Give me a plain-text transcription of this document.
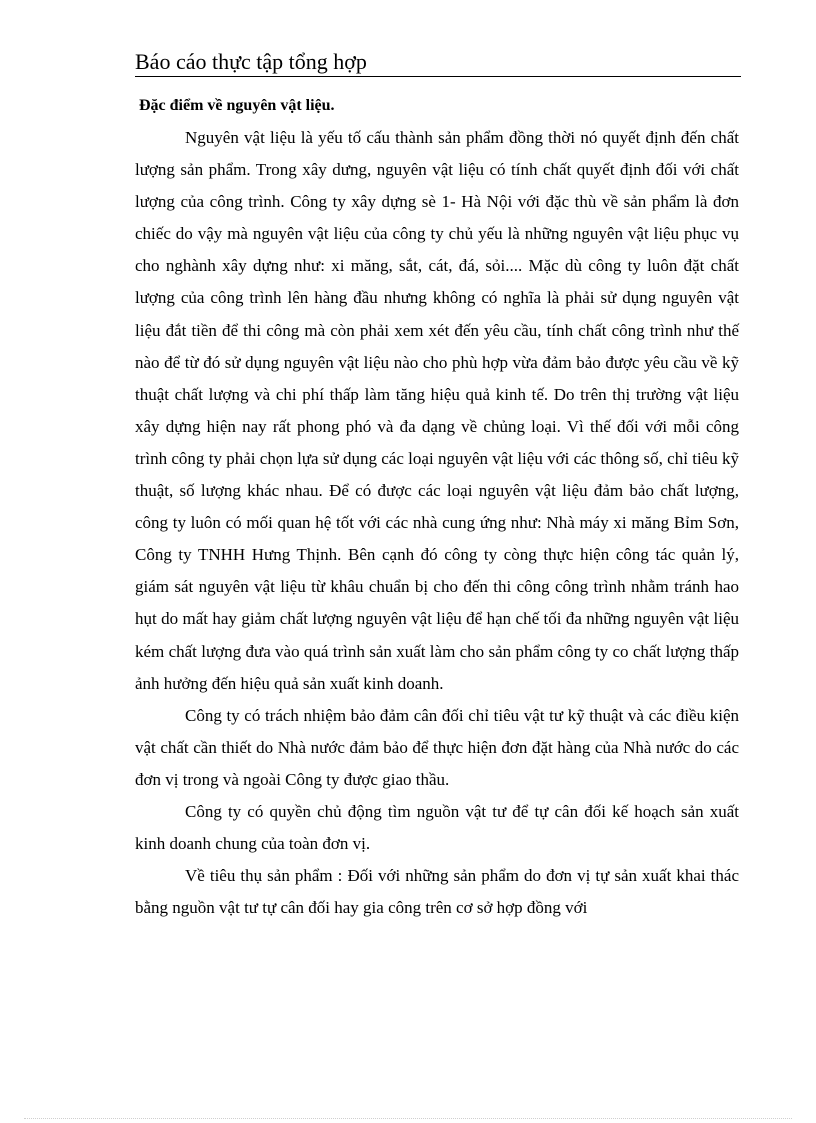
Báo cáo thực tập tổng hợp
Đặc điểm về nguyên vật liệu.

Nguyên vật liệu là yếu tố cấu thành sản phẩm đồng thời nó quyết định đến chất lượng sản phẩm. Trong xây dưng, nguyên vật liệu có tính chất quyết định đối với chất lượng của công trình. Công ty xây dựng sè 1- Hà Nội với đặc thù về sản phẩm là đơn chiếc do vậy mà nguyên vật liệu của công ty chủ yếu là những nguyên vật liệu phục vụ cho nghành xây dựng như: xi măng, sắt, cát, đá, sỏi.... Mặc dù công ty luôn đặt chất lượng của công trình lên hàng đầu nhưng không có nghĩa là phải sử dụng nguyên vật liệu đắt tiền để thi công mà còn phải xem xét đến yêu cầu, tính chất công trình như thế nào để từ đó sử dụng nguyên vật liệu nào cho phù hợp vừa đảm bảo được yêu cầu về kỹ thuật chất lượng và chi phí thấp làm tăng hiệu quả kinh tế. Do trên thị trường vật liệu xây dựng hiện nay rất phong phó và đa dạng về chủng loại. Vì thế đối với mỗi công trình công ty phải chọn lựa sử dụng các loại nguyên vật liệu với các thông số, chỉ tiêu kỹ thuật, số lượng khác nhau. Để có được các loại nguyên vật liệu đảm bảo chất lượng, công ty luôn có mối quan hệ tốt với các nhà cung ứng như: Nhà máy xi măng Bỉm Sơn, Công ty TNHH Hưng Thịnh. Bên cạnh đó công ty còng thực hiện công tác quản lý, giám sát nguyên vật liệu từ khâu chuẩn bị cho đến thi công công trình nhằm tránh hao hụt do mất hay giảm chất lượng nguyên vật liệu để hạn chế tối đa những nguyên vật liệu kém chất lượng đưa vào quá trình sản xuất làm cho sản phẩm công ty co chất lượng thấp ảnh hưởng đến hiệu quả sản xuất kinh doanh.

Công ty có trách nhiệm bảo đảm cân đối chỉ tiêu vật tư kỹ thuật và các điều kiện vật chất cần thiết do Nhà nước đảm bảo để thực hiện đơn đặt hàng của Nhà nước do các đơn vị trong và ngoài Công ty được giao thầu.

Công ty có quyền chủ động tìm nguồn vật tư để tự cân đối kế hoạch sản xuất kinh doanh chung của toàn đơn vị.

Về tiêu thụ sản phẩm : Đối với những sản phẩm do đơn vị tự sản xuất khai thác bằng nguồn vật tư tự cân đối hay gia công trên cơ sở hợp đồng với
